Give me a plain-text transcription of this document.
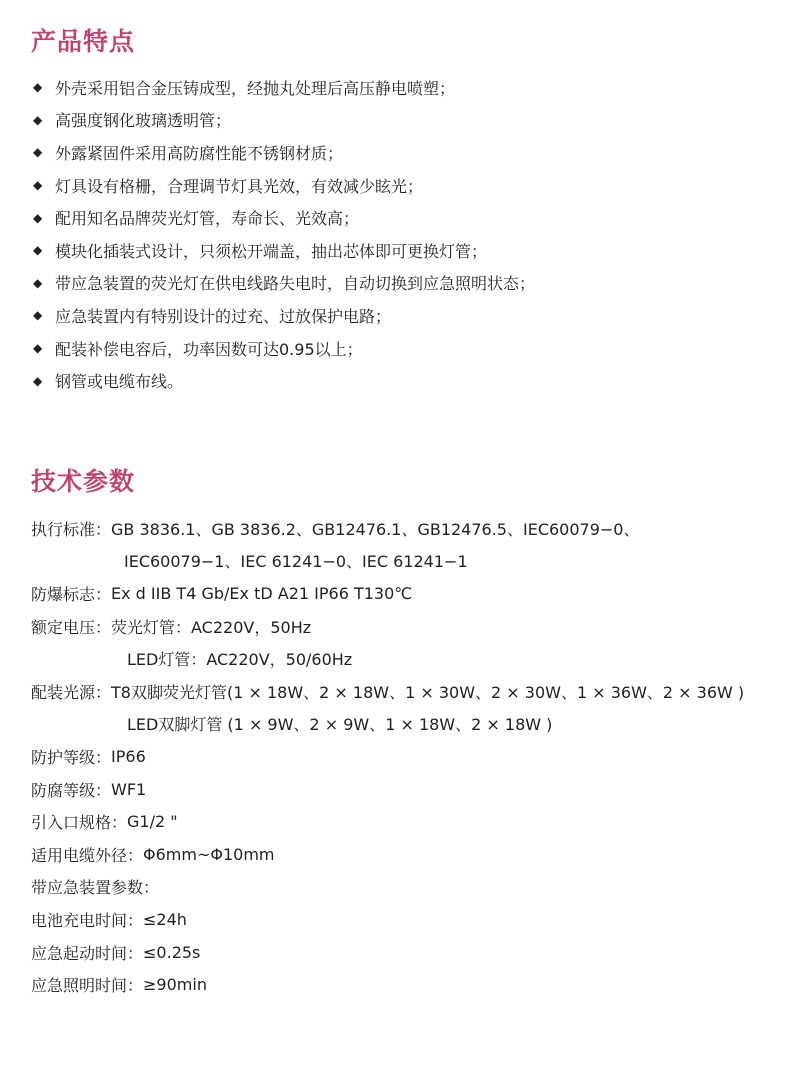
产品特点
◆ 外壳采用铝合金压铸成型，经抛丸处理后高压静电喷塑；
◆ 高强度钢化玻璃透明管；
◆ 外露紧固件采用高防腐性能不锈钢材质；
◆ 灯具设有格栅，合理调节灯具光效，有效减少眩光；
◆ 配用知名品牌荧光灯管，寿命长、光效高；
◆ 模块化插装式设计，只须松开端盖，抽出芯体即可更换灯管；
◆ 带应急装置的荧光灯在供电线路失电时，自动切换到应急照明状态；
◆ 应急装置内有特别设计的过充、过放保护电路；
◆ 配装补偿电容后，功率因数可达0.95以上；
◆ 钢管或电缆布线。
技术参数
执行标准： GB 3836.1、GB 3836.2、GB12476.1、GB12476.5、IEC60079−0、
IEC60079−1、IEC 61241−0、IEC 61241−1
防爆标志： Ex d IIB T4 Gb/Ex tD A21 IP66 T130℃
额定电压： 荧光灯管：AC220V，50Hz
LED灯管：AC220V，50/60Hz
配装光源： T8双脚荧光灯管(1 × 18W、2 × 18W、1 × 30W、2 × 30W、1 × 36W、2 × 36W )
LED双脚灯管 (1 × 9W、2 × 9W、1 × 18W、2 × 18W )
防护等级： IP66
防腐等级： WF1
引入口规格： G1/2 "
适用电缆外径： Φ6mm~Φ10mm
带应急装置参数：
电池充电时间： ≤24h
应急起动时间： ≤0.25s
应急照明时间： ≥90min
